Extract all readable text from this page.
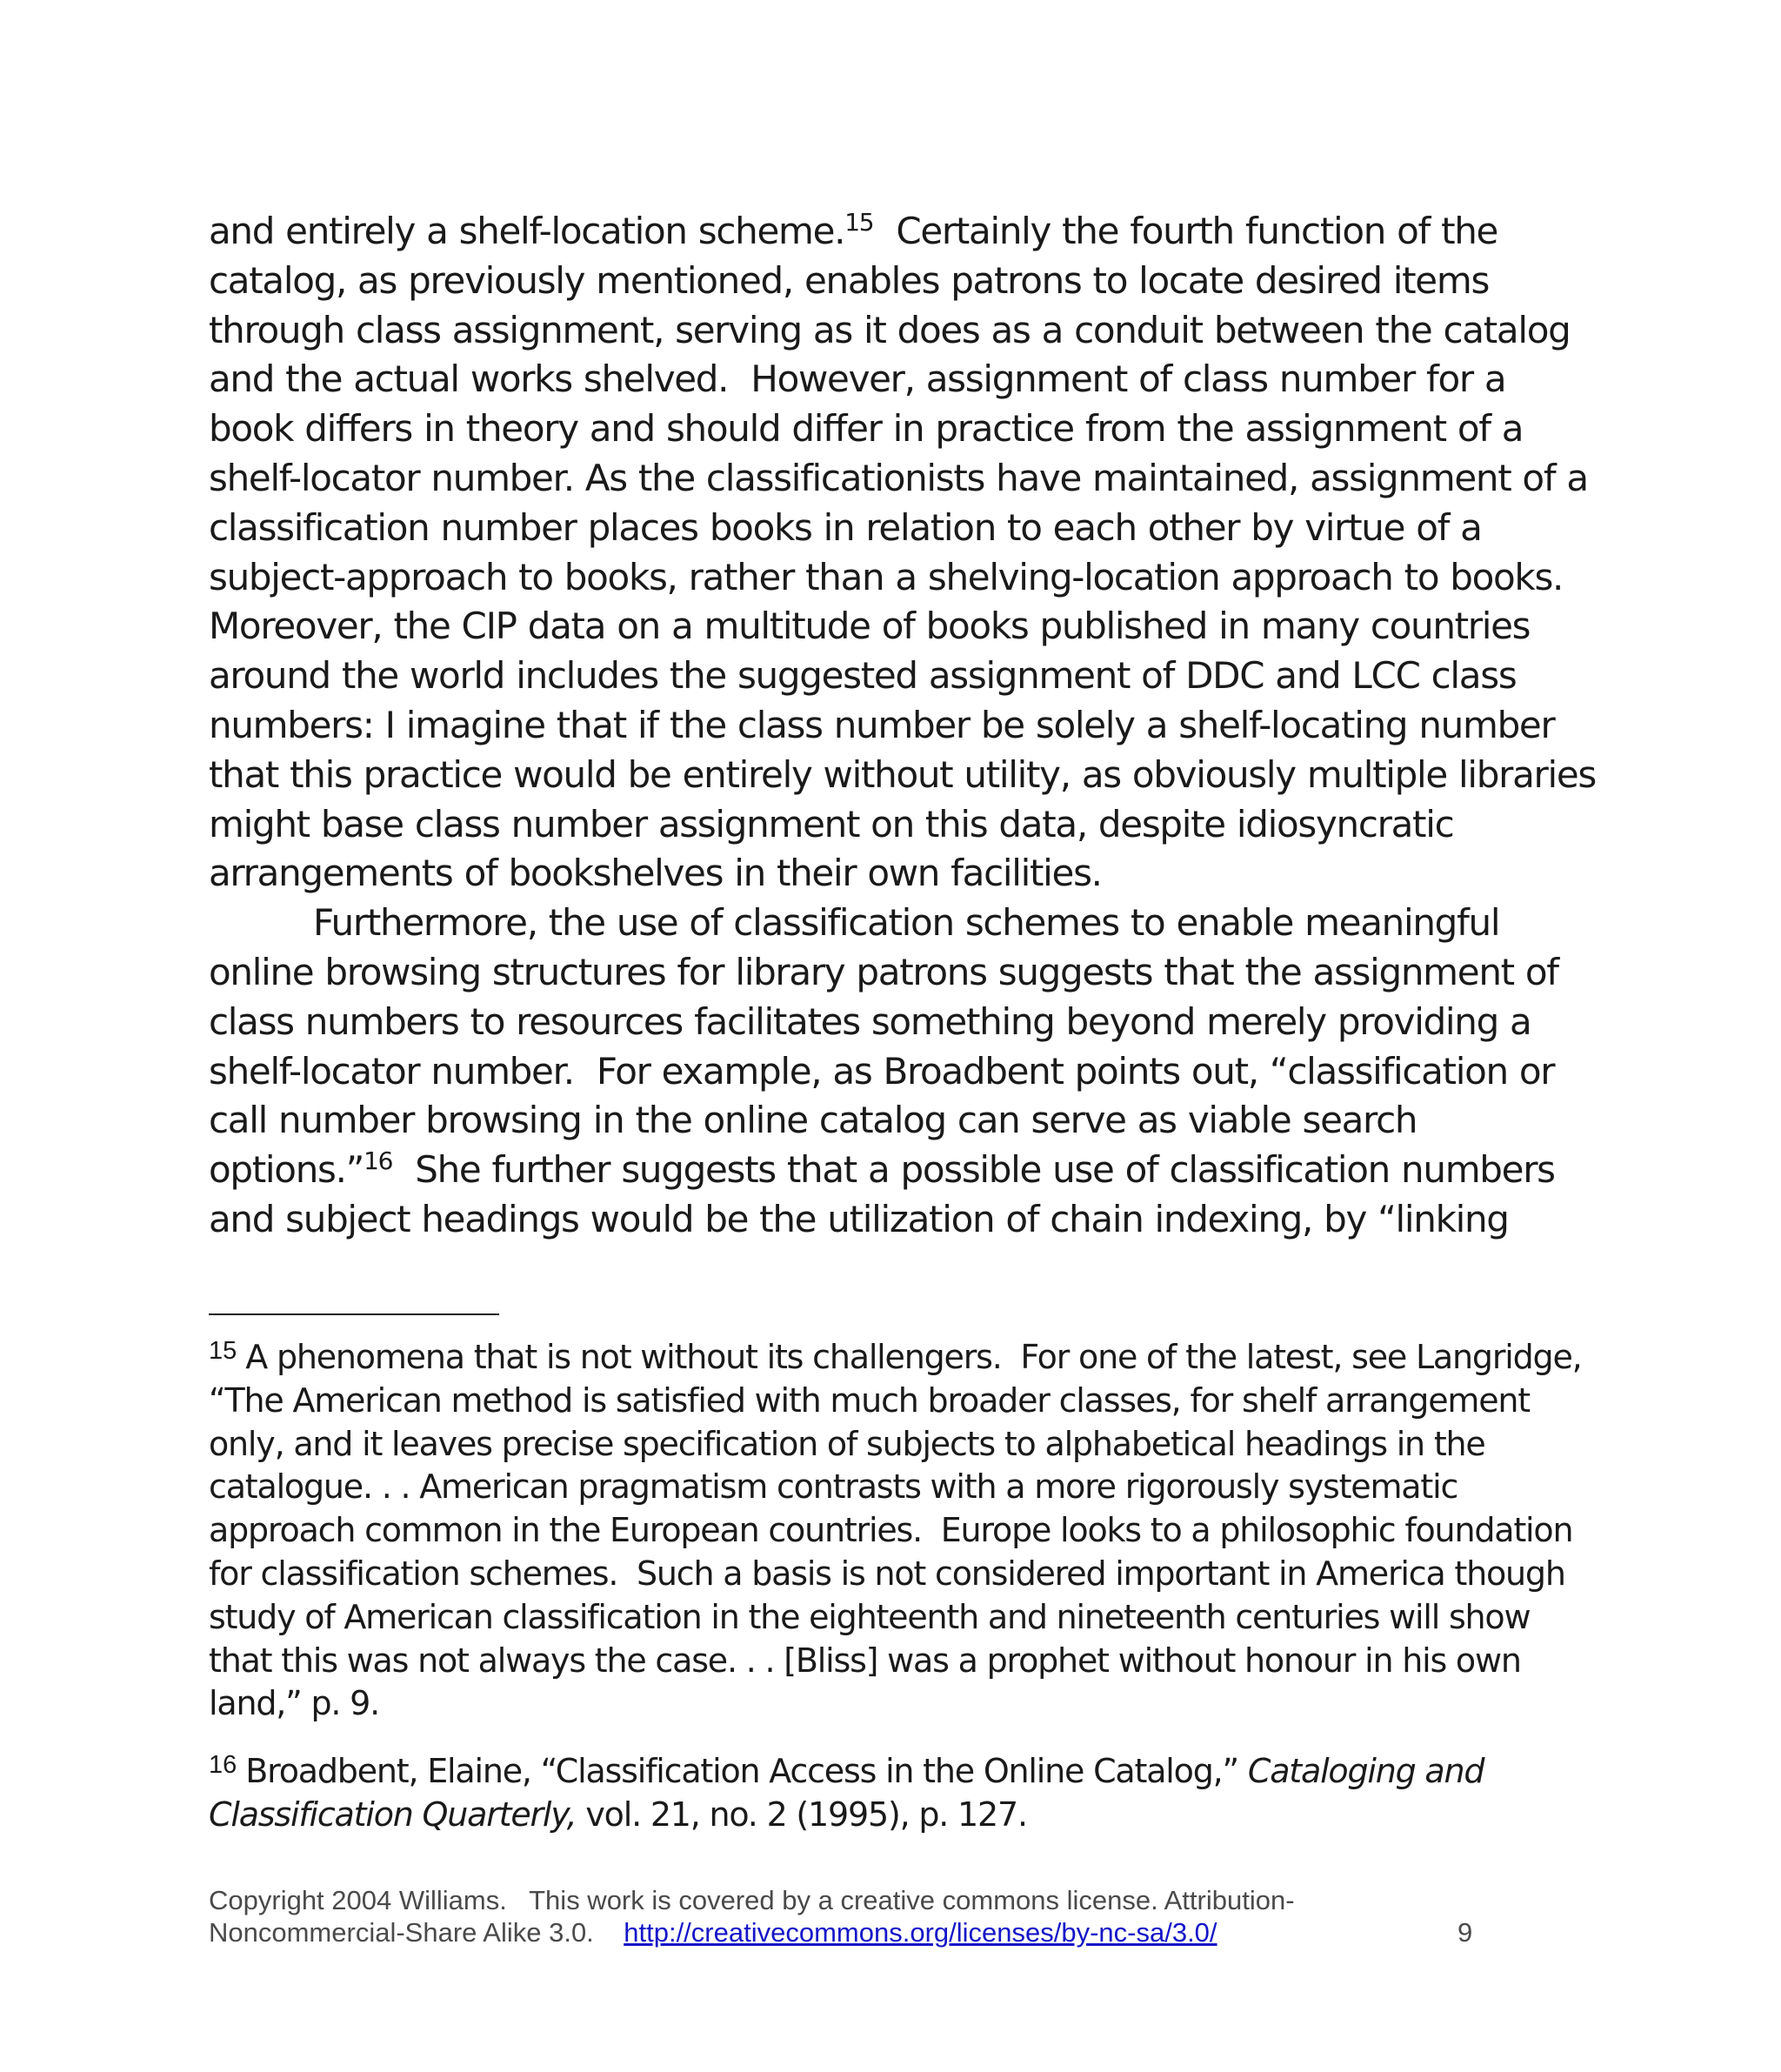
and entirely a shelf-location scheme.$^{15}$  Certainly the fourth function of the catalog, as previously mentioned, enables patrons to locate desired items through class assignment, serving as it does as a conduit between the catalog and the actual works shelved.  However, assignment of class number for a book differs in theory and should differ in practice from the assignment of a shelf-locator number. As the classificationists have maintained, assignment of a classification number places books in relation to each other by virtue of a subject-approach to books, rather than a shelving-location approach to books.  Moreover, the CIP data on a multitude of books published in many countries around the world includes the suggested assignment of DDC and LCC class numbers: I imagine that if the class number be solely a shelf-locating number that this practice would be entirely without utility, as obviously multiple libraries might base class number assignment on this data, despite idiosyncratic arrangements of bookshelves in their own facilities.

Furthermore, the use of classification schemes to enable meaningful online browsing structures for library patrons suggests that the assignment of class numbers to resources facilitates something beyond merely providing a shelf-locator number.  For example, as Broadbent points out, “classification or call number browsing in the online catalog can serve as viable search options.”$^{16}$  She further suggests that a possible use of classification numbers and subject headings would be the utilization of chain indexing, by “linking

$^{15}$ A phenomena that is not without its challengers.  For one of the latest, see Langridge, “The American method is satisfied with much broader classes, for shelf arrangement only, and it leaves precise specification of subjects to alphabetical headings in the catalogue. . . American pragmatism contrasts with a more rigorously systematic approach common in the European countries.  Europe looks to a philosophic foundation for classification schemes.  Such a basis is not considered important in America though study of American classification in the eighteenth and nineteenth centuries will show that this was not always the case. . . [Bliss] was a prophet without honour in his own land,” p. 9.

$^{16}$ Broadbent, Elaine, “Classification Access in the Online Catalog,” Cataloging and Classification Quarterly, vol. 21, no. 2 (1995), p. 127.

Copyright 2004 Williams.   This work is covered by a creative commons license. Attribution-
Noncommercial-Share Alike 3.0.    http://creativecommons.org/licenses/by-nc-sa/3.0/	9
